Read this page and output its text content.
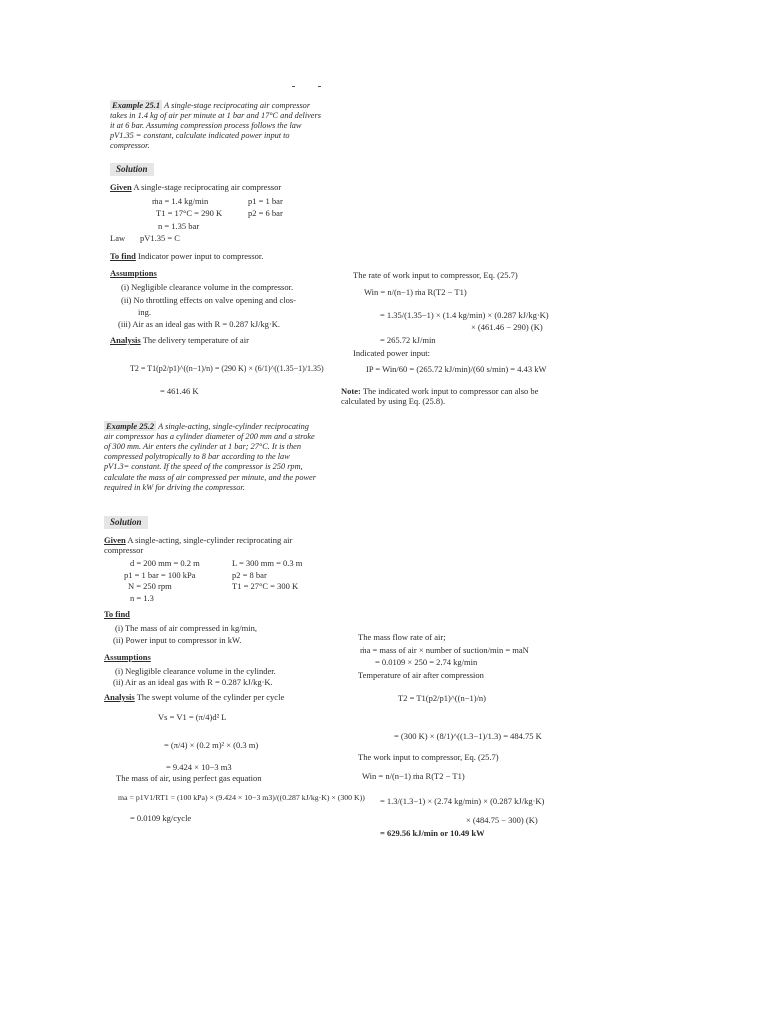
Example 25.1 A single-stage reciprocating air compressor takes in 1.4 kg of air per minute at 1 bar and 17°C and delivers it at 6 bar. Assuming compression process follows the law pV1.35 = constant, calculate indicated power input to compressor.
Solution
Given A single-stage reciprocating air compressor
ṁa = 1.4 kg/min	p1 = 1 bar
T1 = 17°C = 290 K	p2 = 6 bar
n = 1.35 bar
Law pV1.35 = C
To find Indicator power input to compressor.
Assumptions
(i) Negligible clearance volume in the compressor.
(ii) No throttling effects on valve opening and clos-
ing.
(iii) Air as an ideal gas with R = 0.287 kJ/kg·K.
Analysis The delivery temperature of air
T2 = T1(p2/p1)^((n−1)/n) = (290 K) × (6/1)^((1.35−1)/1.35)
= 461.46 K
The rate of work input to compressor, Eq. (25.7)
Win = n/(n−1) ṁa R(T2 − T1)
= 1.35/(1.35−1) × (1.4 kg/min) × (0.287 kJ/kg·K)
× (461.46 − 290) (K)
= 265.72 kJ/min
Indicated power input:
IP = Win/60 = (265.72 kJ/min)/(60 s/min) = 4.43 kW
Note: The indicated work input to compressor can also be calculated by using Eq. (25.8).
Example 25.2 A single-acting, single-cylinder reciprocating air compressor has a cylinder diameter of 200 mm and a stroke of 300 mm. Air enters the cylinder at 1 bar; 27°C. It is then compressed polytropically to 8 bar according to the law pV1.3= constant. If the speed of the compressor is 250 rpm, calculate the mass of air compressed per minute, and the power required in kW for driving the compressor.
Solution
Given A single-acting, single-cylinder reciprocating air compressor
d = 200 mm = 0.2 m	L = 300 mm = 0.3 m
p1 = 1 bar = 100 kPa	p2 = 8 bar
N = 250 rpm	T1 = 27°C = 300 K
n = 1.3
To find
(i) The mass of air compressed in kg/min,
(ii) Power input to compressor in kW.
Assumptions
(i) Negligible clearance volume in the cylinder.
(ii) Air as an ideal gas with R = 0.287 kJ/kg·K.
Analysis The swept volume of the cylinder per cycle
Vs = V1 = (π/4)d² L
= (π/4) × (0.2 m)² × (0.3 m)
= 9.424 × 10−3 m3
The mass of air, using perfect gas equation
ma = p1V1/RT1 = (100 kPa) × (9.424 × 10−3 m3)/((0.287 kJ/kg·K) × (300 K))
= 0.0109 kg/cycle
The mass flow rate of air;
ṁa = mass of air × number of suction/min = maN
= 0.0109 × 250 = 2.74 kg/min
Temperature of air after compression
T2 = T1(p2/p1)^((n−1)/n)
= (300 K) × (8/1)^((1.3−1)/1.3) = 484.75 K
The work input to compressor, Eq. (25.7)
Win = n/(n−1) ṁa R(T2 − T1)
= 1.3/(1.3−1) × (2.74 kg/min) × (0.287 kJ/kg·K)
× (484.75 − 300) (K)
= 629.56 kJ/min or 10.49 kW
